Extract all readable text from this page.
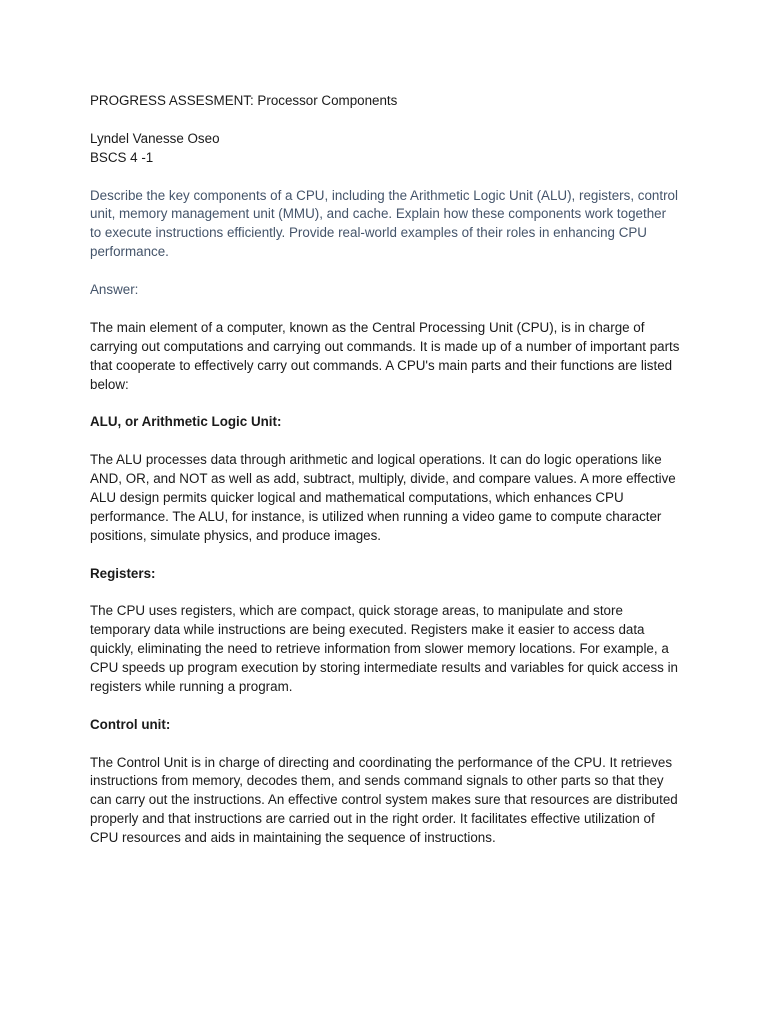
PROGRESS ASSESMENT: Processor Components

Lyndel Vanesse Oseo

BSCS 4 -1

Describe the key components of a CPU, including the Arithmetic Logic Unit (ALU), registers, control unit, memory management unit (MMU), and cache. Explain how these components work together to execute instructions efficiently. Provide real-world examples of their roles in enhancing CPU performance.

Answer:

The main element of a computer, known as the Central Processing Unit (CPU), is in charge of carrying out computations and carrying out commands. It is made up of a number of important parts that cooperate to effectively carry out commands. A CPU's main parts and their functions are listed below:

ALU, or Arithmetic Logic Unit:

The ALU processes data through arithmetic and logical operations. It can do logic operations like AND, OR, and NOT as well as add, subtract, multiply, divide, and compare values. A more effective ALU design permits quicker logical and mathematical computations, which enhances CPU performance. The ALU, for instance, is utilized when running a video game to compute character positions, simulate physics, and produce images.

Registers:

The CPU uses registers, which are compact, quick storage areas, to manipulate and store temporary data while instructions are being executed. Registers make it easier to access data quickly, eliminating the need to retrieve information from slower memory locations. For example, a CPU speeds up program execution by storing intermediate results and variables for quick access in registers while running a program.

Control unit:

The Control Unit is in charge of directing and coordinating the performance of the CPU. It retrieves instructions from memory, decodes them, and sends command signals to other parts so that they can carry out the instructions. An effective control system makes sure that resources are distributed properly and that instructions are carried out in the right order. It facilitates effective utilization of CPU resources and aids in maintaining the sequence of instructions.
